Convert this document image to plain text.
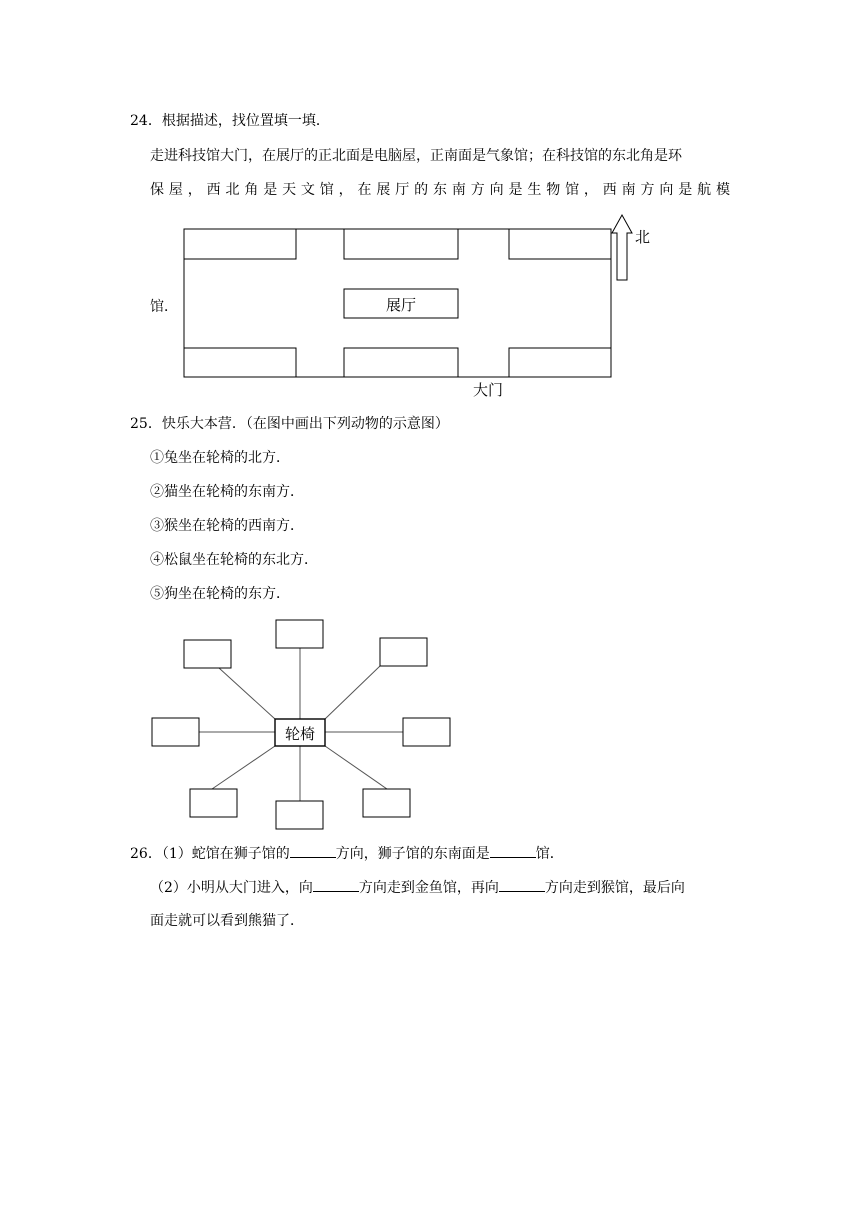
24．根据描述，找位置填一填．
走进科技馆大门，在展厅的正北面是电脑屋，正南面是气象馆；在科技馆的东北角是环
保屋，西北角是天文馆，在展厅的东南方向是生物馆，西南方向是航模
馆．	展厅
大门
北
25．快乐大本营．（在图中画出下列动物的示意图）
①兔坐在轮椅的北方．
②猫坐在轮椅的东南方．
③猴坐在轮椅的西南方．
④松鼠坐在轮椅的东北方．
⑤狗坐在轮椅的东方．
轮椅
26．（1）蛇馆在狮子馆的	方向，狮子馆的东南面是	馆．
（2）小明从大门进入，向	方向走到金鱼馆，再向	方向走到猴馆，最后向
面走就可以看到熊猫了．
